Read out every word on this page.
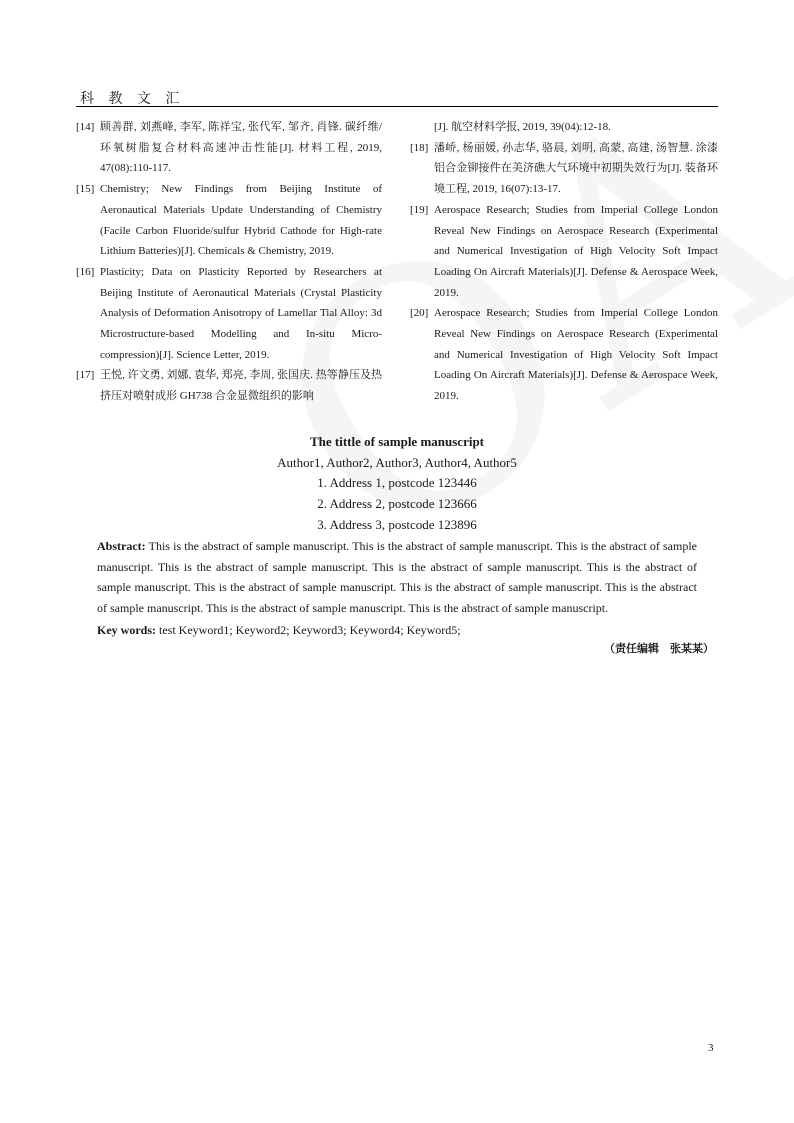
科 教 文 汇
[14] 顾善群, 刘燕峰, 李军, 陈祥宝, 张代军, 邹齐, 肖锋. 碳纤维/环氧树脂复合材料高速冲击性能[J]. 材料工程, 2019, 47(08):110-117.
[15] Chemistry; New Findings from Beijing Institute of Aeronautical Materials Update Understanding of Chemistry (Facile Carbon Fluoride/sulfur Hybrid Cathode for High-rate Lithium Batteries)[J]. Chemicals & Chemistry, 2019.
[16] Plasticity; Data on Plasticity Reported by Researchers at Beijing Institute of Aeronautical Materials (Crystal Plasticity Analysis of Deformation Anisotropy of Lamellar Tial Alloy: 3d Microstructure-based Modelling and In-situ Micro-compression)[J]. Science Letter, 2019.
[17] 王悦, 许文勇, 刘娜, 袁华, 郑亮, 李周, 张国庆. 热等静压及热挤压对喷射成形 GH738 合金显微组织的影响
[J]. 航空材料学报, 2019, 39(04):12-18.
[18] 潘峤, 杨丽媛, 孙志华, 骆晨, 刘明, 高蒙, 高建, 汤智慧. 涂漆铝合金铆接件在美济礁大气环境中初期失效行为[J]. 装备环境工程, 2019, 16(07):13-17.
[19] Aerospace Research; Studies from Imperial College London Reveal New Findings on Aerospace Research (Experimental and Numerical Investigation of High Velocity Soft Impact Loading On Aircraft Materials)[J]. Defense & Aerospace Week, 2019.
[20] Aerospace Research; Studies from Imperial College London Reveal New Findings on Aerospace Research (Experimental and Numerical Investigation of High Velocity Soft Impact Loading On Aircraft Materials)[J]. Defense & Aerospace Week, 2019.
The tittle of sample manuscript
Author1, Author2, Author3, Author4, Author5
1. Address 1, postcode 123446
2. Address 2, postcode 123666
3. Address 3, postcode 123896
Abstract: This is the abstract of sample manuscript. This is the abstract of sample manuscript. This is the abstract of sample manuscript. This is the abstract of sample manuscript. This is the abstract of sample manuscript. This is the abstract of sample manuscript. This is the abstract of sample manuscript. This is the abstract of sample manuscript. This is the abstract of sample manuscript. This is the abstract of sample manuscript. This is the abstract of sample manuscript.
Key words: test Keyword1; Keyword2; Keyword3; Keyword4; Keyword5;
（责任编辑　张某某）
3
